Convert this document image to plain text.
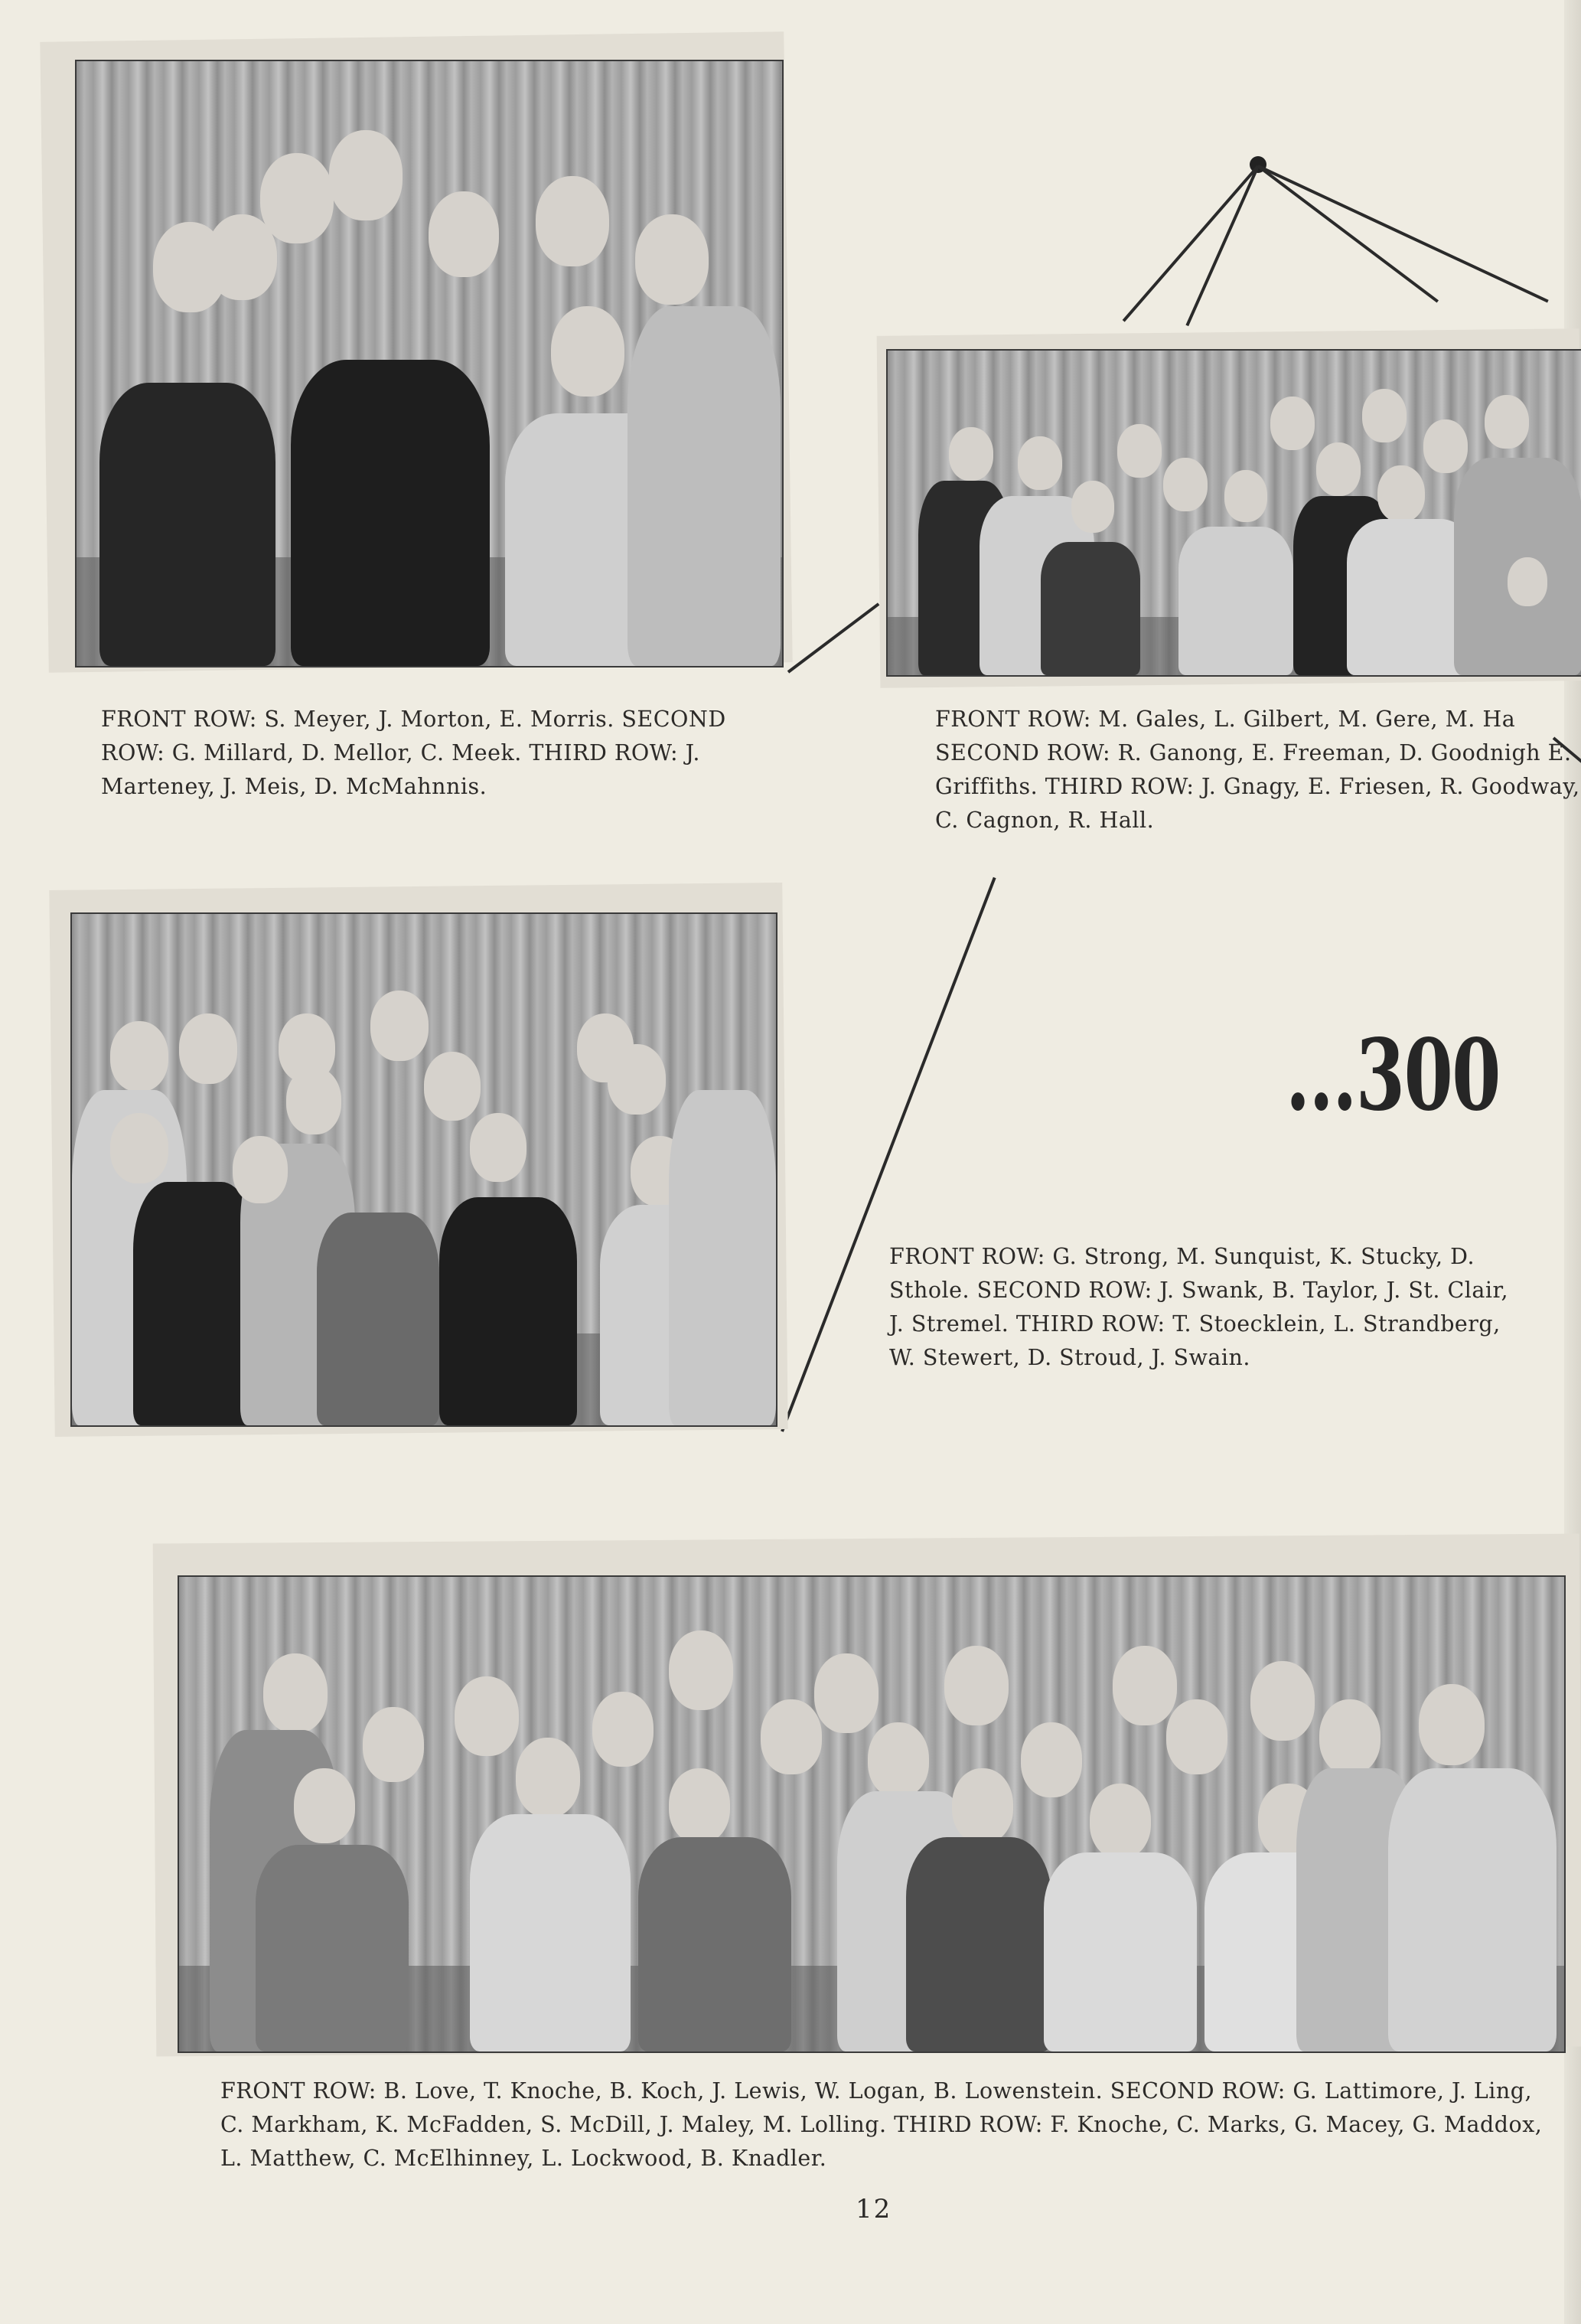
FRONT ROW: S. Meyer, J. Morton, E. Morris. SECOND ROW: G. Millard, D. Mellor, C. Meek. THIRD ROW: J. Marteney, J. Meis, D. McMahnnis.

FRONT ROW: M. Gales, L. Gilbert, M. Gere, M. Ha SECOND ROW: R. Ganong, E. Freeman, D. Goodnigh E. Griffiths. THIRD ROW: J. Gnagy, E. Friesen, R. Goodway, C. Cagnon, R. Hall.

...300

FRONT ROW: G. Strong, M. Sunquist, K. Stucky, D. Sthole. SECOND ROW: J. Swank, B. Taylor, J. St. Clair, J. Stremel. THIRD ROW: T. Stoecklein, L. Strandberg, W. Stewert, D. Stroud, J. Swain.

FRONT ROW: B. Love, T. Knoche, B. Koch, J. Lewis, W. Logan, B. Lowenstein. SECOND ROW: G. Lattimore, J. Ling, C. Markham, K. McFadden, S. McDill, J. Maley, M. Lolling. THIRD ROW: F. Knoche, C. Marks, G. Macey, G. Maddox, L. Matthew, C. McElhinney, L. Lockwood, B. Knadler.

12
